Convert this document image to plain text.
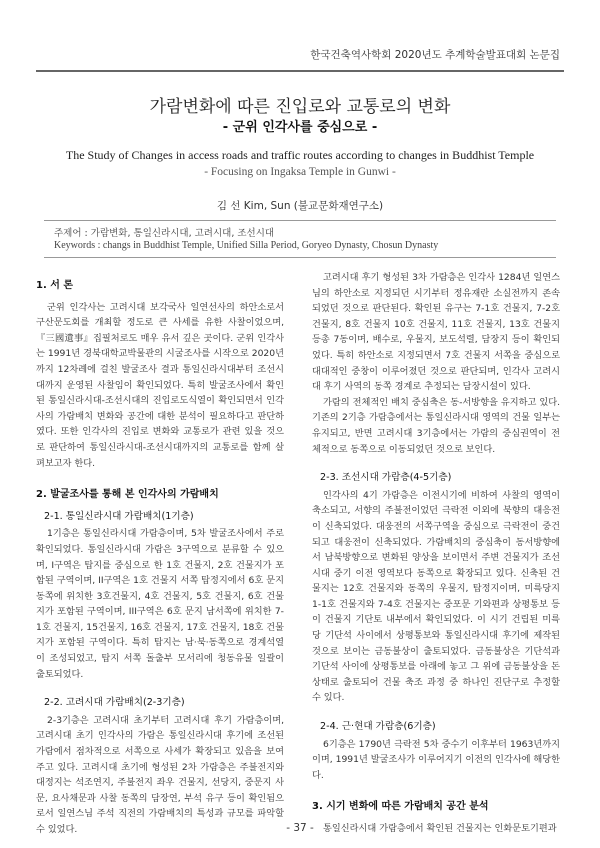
한국건축역사학회 2020년도 추계학술발표대회 논문집
가람변화에 따른 진입로와 교통로의 변화
- 군위 인각사를 중심으로 -
The Study of Changes in access roads and traffic routes according to changes in Buddhist Temple
- Focusing on Ingaksa Temple in Gunwi -
김 선 Kim, Sun (불교문화재연구소)
주제어 : 가람변화, 통일신라시대, 고려시대, 조선시대
Keywords : changs in Buddhist Temple, Unified Silla Period, Goryeo Dynasty, Chosun Dynasty
1. 서 론

군위 인각사는 고려시대 보각국사 일연선사의 하안소로서 구산문도회를 개최할 정도로 큰 사세를 유한 사찰이었으며, 『三國遺事』집필처로도 매우 유서 깊은 곳이다. 군위 인각사는 1991년 경북대학교박물관의 시굴조사를 시작으로 2020년까지 12차례에 걸친 발굴조사 결과 통일신라시대부터 조선시대까지 운영된 사찰임이 확인되었다. 특히 발굴조사에서 확인된 통일신라시대-조선시대의 진입로도식열이 확인되면서 인각사의 가람배치 변화와 공간에 대한 분석이 필요하다고 판단하였다. 또한 인각사의 진입로 변화와 교통로가 관련 있을 것으로 판단하여 통일신라시대-조선시대까지의 교통로를 함께 살펴보고자 한다.

2. 발굴조사를 통해 본 인각사의 가람배치
2-1. 통일신라시대 가람배치(1기층)

1기층은 통일신라시대 가람층이며, 5차 발굴조사에서 주로 확인되었다. 통일신라시대 가람은 3구역으로 분류할 수 있으며, I구역은 탑지를 중심으로 한 1호 건물지, 2호 건물지가 포함된 구역이며, II구역은 1호 건물지 서쪽 탑정지에서 6호 문지 동쪽에 위치한 3호건물지, 4호 건물지, 5호 건물지, 6호 건물지가 포함된 구역이며, III구역은 6호 문지 남서쪽에 위치한 7-1호 건물지, 15건물지, 16호 건물지, 17호 건물지, 18호 건물지가 포함된 구역이다. 특히 탑지는 남·북·동쪽으로 경계석열이 조성되었고, 탑지 서쪽 돌출부 모서리에 청동유물 일괄이 출토되었다.

2-2. 고려시대 가람배치(2-3기층)

2-3기층은 고려시대 초기부터 고려시대 후기 가람층이며, 고려시대 초기 인각사의 가람은 통일신라시대 후기에 조선된 가람에서 점차적으로 서쪽으로 사세가 확장되고 있음을 보여주고 있다. 고려시대 초기에 형성된 2차 가람층은 주불전지와 대정지는 석조연지, 주불전지 좌우 건물지, 선당지, 중문지 사문, 요사채문과 사찰 동쪽의 담장연, 부석 유구 등이 확인됨으로서 일연스님 주석 직전의 가람배치의 특성과 규모를 파악할 수 있었다.

고려시대 후기 형성된 3차 가람층은 인각사 1284년 일연스님의 하안소로 지정되던 시기부터 정유재란 소실전까지 존속되었던 것으로 판단된다. 확인된 유구는 7-1호 건물지, 7-2호 건물지, 8호 건물지 10호 건물지, 11호 건물지, 13호 건물지 등총 7동이며, 배수로, 우물지, 보도석렬, 담장지 등이 확인되었다. 특히 하안소로 지정되면서 7호 건물지 서쪽을 중심으로 대대적인 중창이 이루어졌던 것으로 판단되며, 인각사 고려시대 후기 사역의 동쪽 경계로 추정되는 담장시설이 있다.

가람의 전체적인 배치 중심축은 동-서방향을 유지하고 있다. 기존의 2기층 가람층에서는 통일신라시대 영역의 건물 일부는 유지되고, 반면 고려시대 3기층에서는 가람의 중심권역이 전체적으로 동쪽으로 이동되었던 것으로 보인다.

2-3. 조선시대 가람층(4-5기층)

인각사의 4기 가람층은 이전시기에 비하여 사찰의 영역이 축소되고, 서향의 주불전이었던 극락전 이외에 북향의 대응전이 신축되었다. 대웅전의 서쪽구역을 중심으로 극락전이 중건되고 대웅전이 신축되었다. 가람배치의 중심축이 동서방향에서 남북방향으로 변화된 양상을 보이면서 주변 건물지가 조선시대 중기 이전 영역보다 동쪽으로 확장되고 있다. 신축된 건물지는 12호 건물지와 동쪽의 우물지, 탑정지이며, 미륵당지 1-1호 건물지와 7-4호 건물지는 중포문 기와편과 상평통보 등이 건물지 기단토 내부에서 확인되었다. 이 시기 건립된 미륵당 기단석 사이에서 상평통보와 통일신라시대 후기에 제작된 것으로 보이는 금동불상이 출토되었다. 금동불상은 기단석과 기단석 사이에 상평통보를 아래에 놓고 그 위에 금동불상을 돈 상태로 출토되어 건물 축조 과정 중 하나인 진단구로 추정할 수 있다.

2-4. 근·현대 가람층(6기층)

6기층은 1790년 극락전 5차 중수기 이후부터 1963년까지이며, 1991년 발굴조사가 이루어지기 이전의 인각사에 해당한다.

3. 시기 변화에 따른 가람배치 공간 분석

통일신라시대 가람층에서 확인된 건물지는 인화문토기편과

- 37 -
